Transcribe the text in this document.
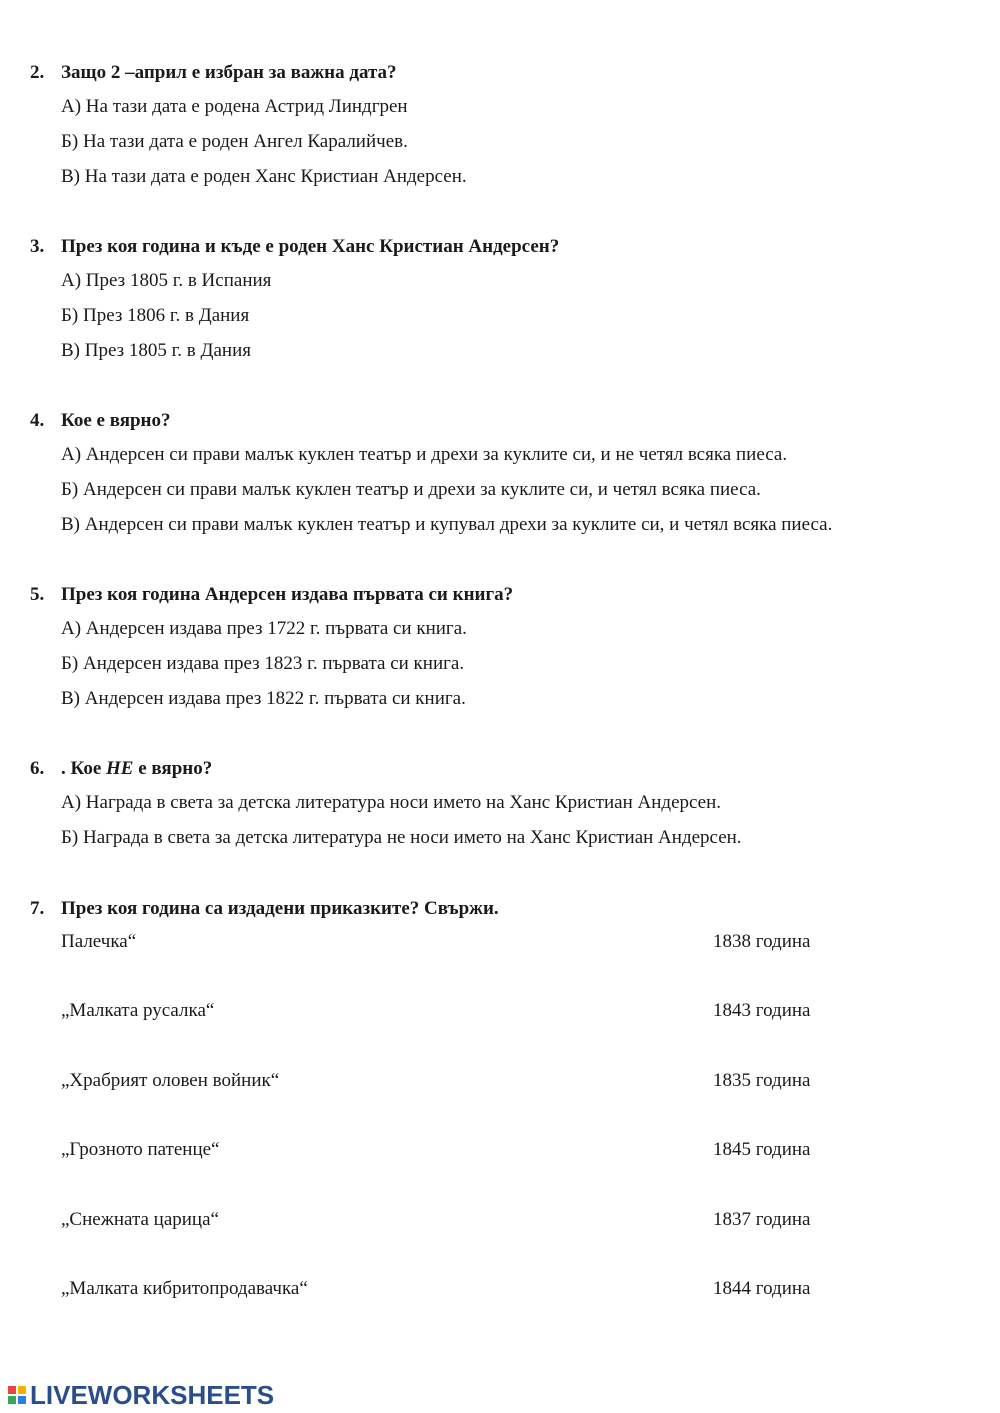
2. Защо 2 –април е избран за важна дата?
А) На тази дата е родена Астрид Линдгрен
Б) На тази дата е роден Ангел Каралийчев.
В) На тази дата е роден Ханс Кристиан Андерсен.
3. През коя година и къде е роден Ханс Кристиан Андерсен?
А) През 1805 г. в Испания
Б) През 1806 г. в Дания
В) През 1805 г. в Дания
4. Кое е вярно?
А) Андерсен си прави малък куклен театър и дрехи за куклите си, и не четял всяка пиеса.
Б) Андерсен си прави малък куклен театър и дрехи за куклите си, и четял всяка пиеса.
В) Андерсен си прави малък куклен театър и купувал дрехи за куклите си, и четял всяка пиеса.
5. През коя година Андерсен издава първата си книга?
А) Андерсен издава през 1722 г. първата си книга.
Б) Андерсен издава през 1823 г. първата си книга.
В) Андерсен издава през 1822 г. първата си книга.
6. . Кое НЕ е вярно?
А) Награда в света за детска литература носи името на Ханс Кристиан Андерсен.
Б) Награда в света за детска литература не носи името на Ханс Кристиан Андерсен.
7. През коя година са издадени приказките? Свържи.
Палечка“	1838 година
„Малката русалка“	1843 година
„Храбрият оловен войник“	1835 година
„Грозното патенце“	1845 година
„Снежната царица“	1837 година
„Малката кибритопродавачка“	1844 година
LIVEWORKSHEETS
